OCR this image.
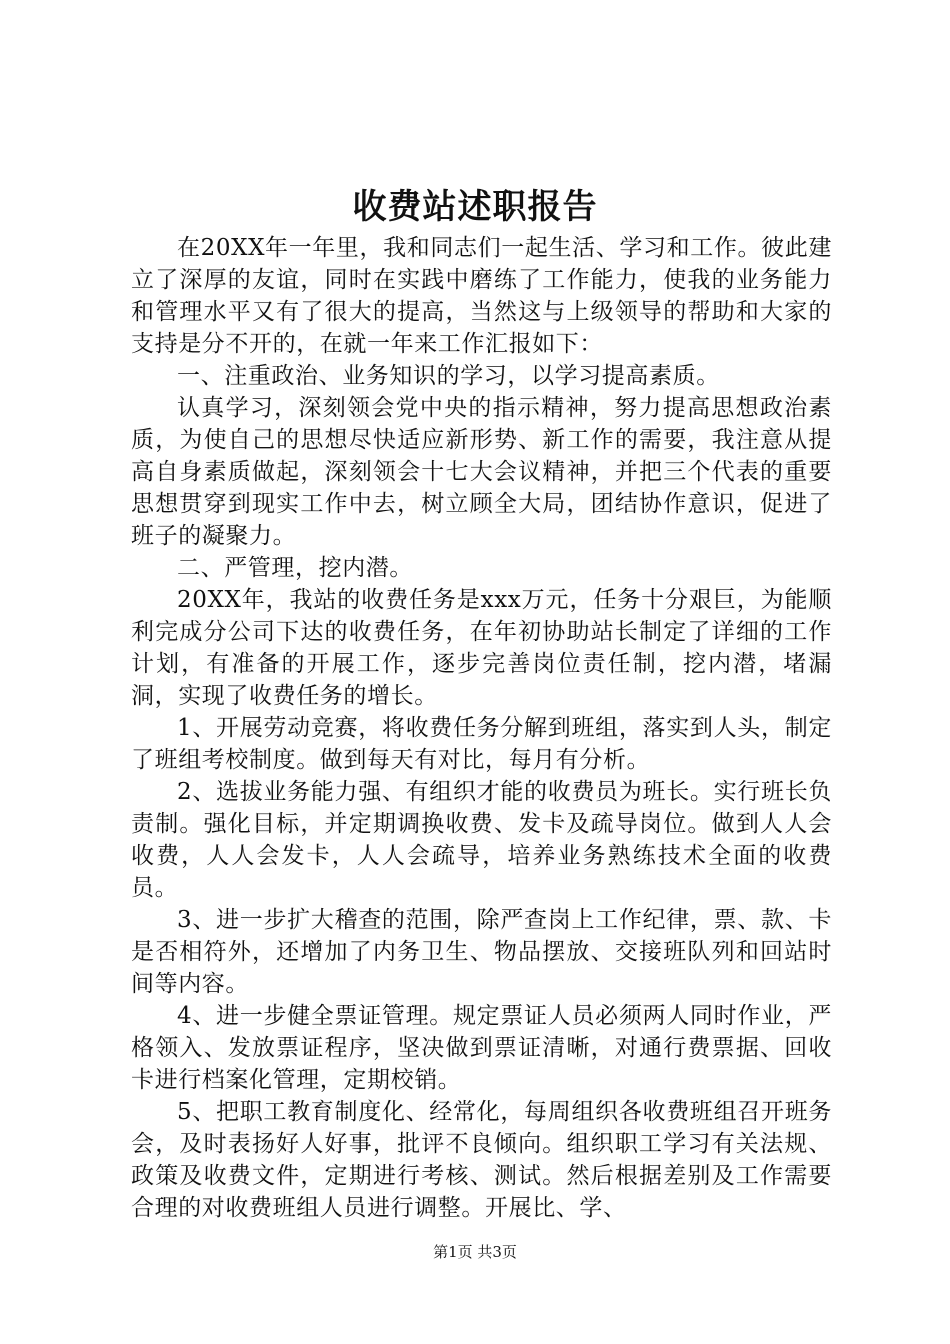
收费站述职报告

在20XX年一年里，我和同志们一起生活、学习和工作。彼此建立了深厚的友谊，同时在实践中磨练了工作能力，使我的业务能力和管理水平又有了很大的提高，当然这与上级领导的帮助和大家的支持是分不开的，在就一年来工作汇报如下：

一、注重政治、业务知识的学习，以学习提高素质。

认真学习，深刻领会党中央的指示精神，努力提高思想政治素质，为使自己的思想尽快适应新形势、新工作的需要，我注意从提高自身素质做起，深刻领会十七大会议精神，并把三个代表的重要思想贯穿到现实工作中去，树立顾全大局，团结协作意识，促进了班子的凝聚力。

二、严管理，挖内潜。

20XX年，我站的收费任务是xxx万元，任务十分艰巨，为能顺利完成分公司下达的收费任务，在年初协助站长制定了详细的工作计划，有准备的开展工作，逐步完善岗位责任制，挖内潜，堵漏洞，实现了收费任务的增长。

1、开展劳动竞赛，将收费任务分解到班组，落实到人头，制定了班组考校制度。做到每天有对比，每月有分析。

2、选拔业务能力强、有组织才能的收费员为班长。实行班长负责制。强化目标，并定期调换收费、发卡及疏导岗位。做到人人会收费，人人会发卡，人人会疏导，培养业务熟练技术全面的收费员。

3、进一步扩大稽查的范围，除严查岗上工作纪律，票、款、卡是否相符外，还增加了内务卫生、物品摆放、交接班队列和回站时间等内容。

4、进一步健全票证管理。规定票证人员必须两人同时作业，严格领入、发放票证程序，坚决做到票证清晰，对通行费票据、回收卡进行档案化管理，定期校销。

5、把职工教育制度化、经常化，每周组织各收费班组召开班务会，及时表扬好人好事，批评不良倾向。组织职工学习有关法规、政策及收费文件，定期进行考核、测试。然后根据差别及工作需要合理的对收费班组人员进行调整。开展比、学、

第1页 共3页
